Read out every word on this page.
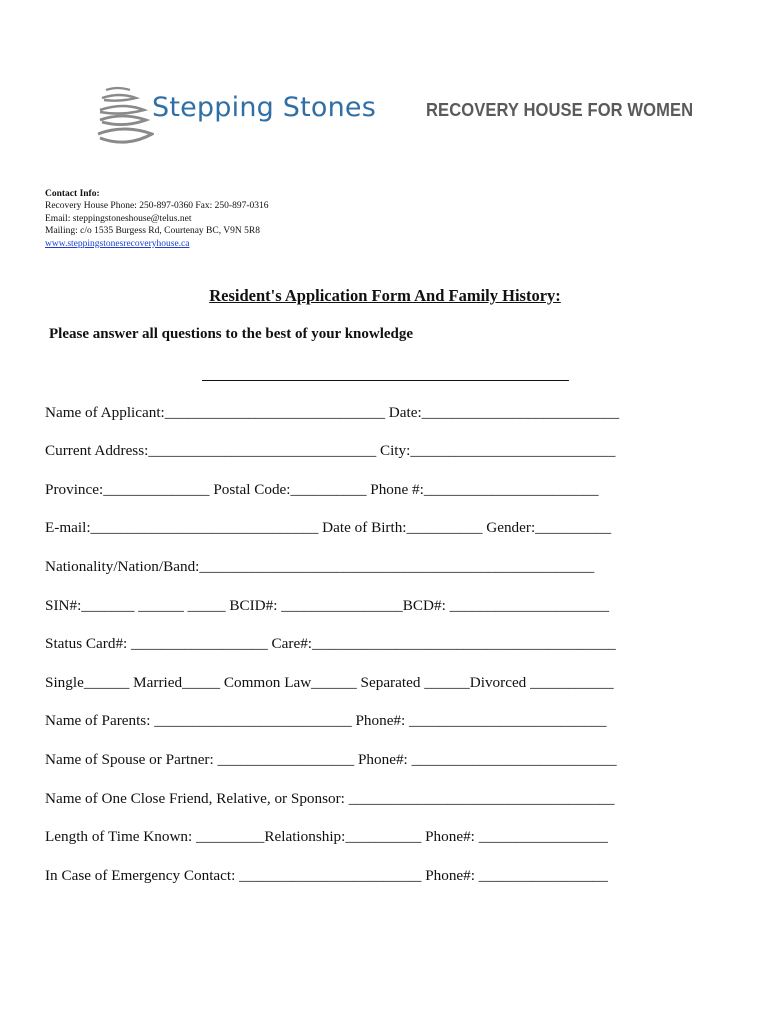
Stepping Stones	RECOVERY HOUSE FOR WOMEN
Contact Info:
Recovery House Phone: 250-897-0360 Fax: 250-897-0316
Email: steppingstoneshouse@telus.net
Mailing: c/o 1535 Burgess Rd, Courtenay BC, V9N 5R8
www.steppingstonesrecoveryhouse.ca
Resident's Application Form And Family History:
Please answer all questions to the best of your knowledge
Name of Applicant:_____________________________ Date:__________________________
Current Address:______________________________ City:___________________________
Province:______________ Postal Code:__________ Phone #:_______________________
E-mail:______________________________ Date of Birth:__________ Gender:__________
Nationality/Nation/Band:____________________________________________________
SIN#:_______ ______ _____ BCID#: ________________BCD#: _____________________
Status Card#: __________________ Care#:________________________________________
Single______ Married_____ Common Law______ Separated ______Divorced ___________
Name of Parents: __________________________ Phone#: __________________________
Name of Spouse or Partner: __________________ Phone#: ___________________________
Name of One Close Friend, Relative, or Sponsor: ___________________________________
Length of Time Known: _________Relationship:__________ Phone#: _________________
In Case of Emergency Contact: ________________________ Phone#: _________________
